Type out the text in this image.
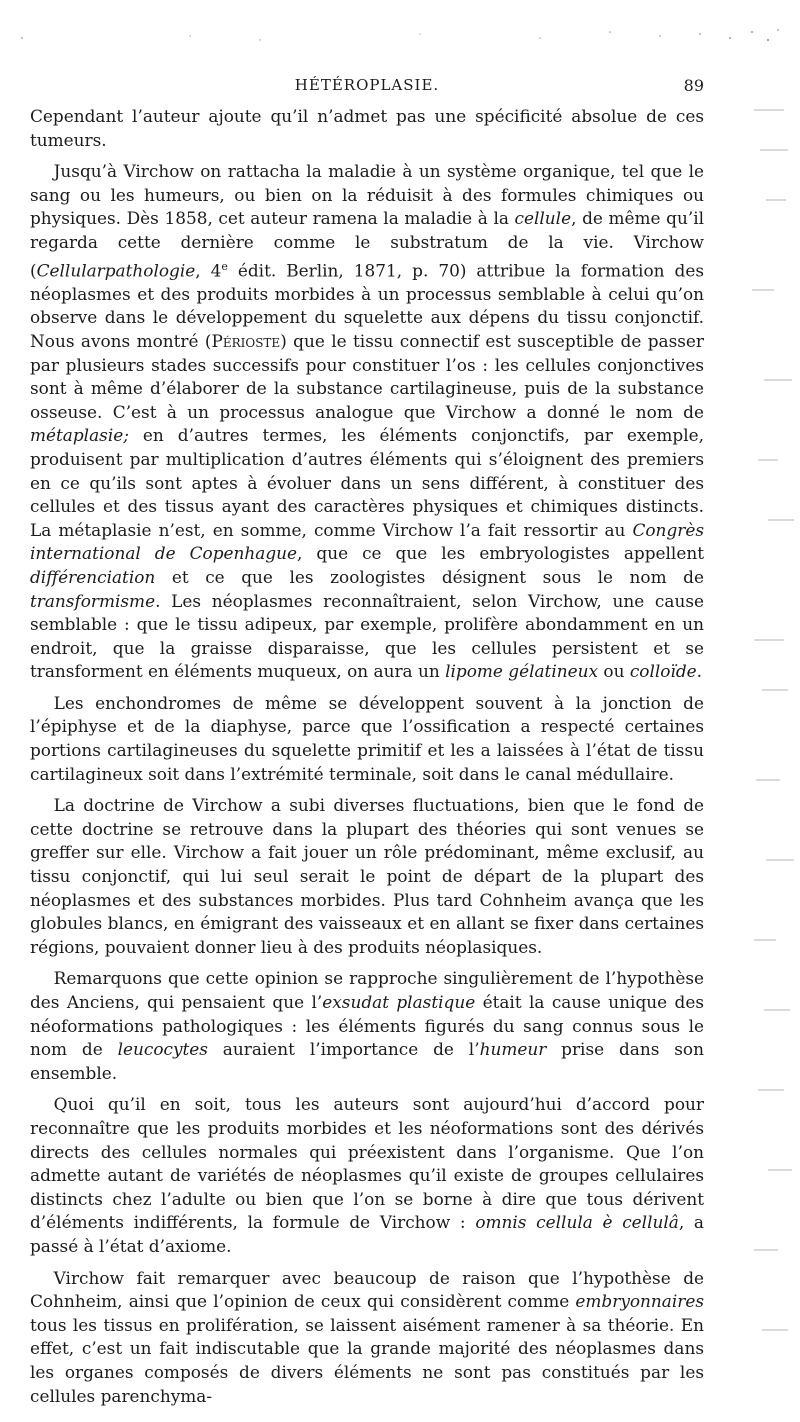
HÉTÉROPLASIE.	89

Cependant l’auteur ajoute qu’il n’admet pas une spécificité absolue de ces tumeurs.

Jusqu’à Virchow on rattacha la maladie à un système organique, tel que le sang ou les humeurs, ou bien on la réduisit à des formules chimiques ou physiques. Dès 1858, cet auteur ramena la maladie à la cellule, de même qu’il regarda cette dernière comme le substratum de la vie. Virchow (Cellularpathologie, 4e édit. Berlin, 1871, p. 70) attribue la formation des néoplasmes et des produits morbides à un processus semblable à celui qu’on observe dans le développement du squelette aux dépens du tissu conjonctif. Nous avons montré (Périoste) que le tissu connectif est susceptible de passer par plusieurs stades successifs pour constituer l’os : les cellules conjonctives sont à même d’élaborer de la substance cartilagineuse, puis de la substance osseuse. C’est à un processus analogue que Virchow a donné le nom de métaplasie; en d’autres termes, les éléments conjonctifs, par exemple, produisent par multiplication d’autres éléments qui s’éloignent des premiers en ce qu’ils sont aptes à évoluer dans un sens différent, à constituer des cellules et des tissus ayant des caractères physiques et chimiques distincts. La métaplasie n’est, en somme, comme Virchow l’a fait ressortir au Congrès international de Copenhague, que ce que les embryologistes appellent différenciation et ce que les zoologistes désignent sous le nom de transformisme. Les néoplasmes reconnaîtraient, selon Virchow, une cause semblable : que le tissu adipeux, par exemple, prolifère abondamment en un endroit, que la graisse disparaisse, que les cellules persistent et se transforment en éléments muqueux, on aura un lipome gélatineux ou colloïde.

Les enchondromes de même se développent souvent à la jonction de l’épiphyse et de la diaphyse, parce que l’ossification a respecté certaines portions cartilagineuses du squelette primitif et les a laissées à l’état de tissu cartilagineux soit dans l’extrémité terminale, soit dans le canal médullaire.

La doctrine de Virchow a subi diverses fluctuations, bien que le fond de cette doctrine se retrouve dans la plupart des théories qui sont venues se greffer sur elle. Virchow a fait jouer un rôle prédominant, même exclusif, au tissu conjonctif, qui lui seul serait le point de départ de la plupart des néoplasmes et des substances morbides. Plus tard Cohnheim avança que les globules blancs, en émigrant des vaisseaux et en allant se fixer dans certaines régions, pouvaient donner lieu à des produits néoplasiques.

Remarquons que cette opinion se rapproche singulièrement de l’hypothèse des Anciens, qui pensaient que l’exsudat plastique était la cause unique des néoformations pathologiques : les éléments figurés du sang connus sous le nom de leucocytes auraient l’importance de l’humeur prise dans son ensemble.

Quoi qu’il en soit, tous les auteurs sont aujourd’hui d’accord pour reconnaître que les produits morbides et les néoformations sont des dérivés directs des cellules normales qui préexistent dans l’organisme. Que l’on admette autant de variétés de néoplasmes qu’il existe de groupes cellulaires distincts chez l’adulte ou bien que l’on se borne à dire que tous dérivent d’éléments indifférents, la formule de Virchow : omnis cellula è cellulâ, a passé à l’état d’axiome.

Virchow fait remarquer avec beaucoup de raison que l’hypothèse de Cohnheim, ainsi que l’opinion de ceux qui considèrent comme embryonnaires tous les tissus en prolifération, se laissent aisément ramener à sa théorie. En effet, c’est un fait indiscutable que la grande majorité des néoplasmes dans les organes composés de divers éléments ne sont pas constitués par les cellules parenchyma-
